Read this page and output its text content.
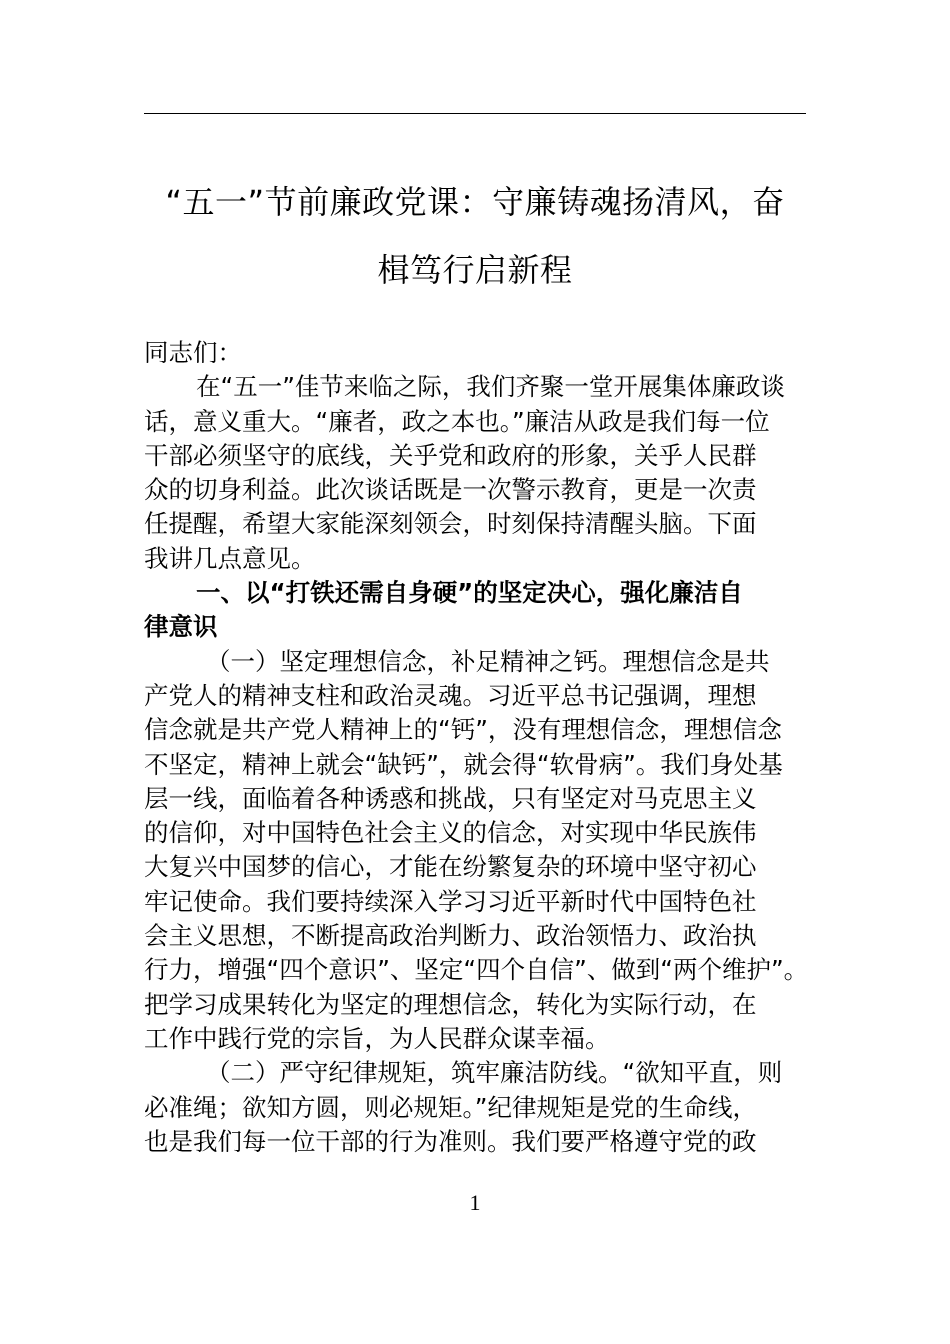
“五一”节前廉政党课：守廉铸魂扬清风，奋
楫笃行启新程

同志们：

在“五一”佳节来临之际，我们齐聚一堂开展集体廉政谈

话，意义重大。“廉者，政之本也。”廉洁从政是我们每一位

干部必须坚守的底线，关乎党和政府的形象，关乎人民群

众的切身利益。此次谈话既是一次警示教育，更是一次责

任提醒，希望大家能深刻领会，时刻保持清醒头脑。下面

我讲几点意见。

一、以“打铁还需自身硬”的坚定决心，强化廉洁自

律意识

（一）坚定理想信念，补足精神之钙。理想信念是共

产党人的精神支柱和政治灵魂。习近平总书记强调，理想

信念就是共产党人精神上的“钙”，没有理想信念，理想信念

不坚定，精神上就会“缺钙”，就会得“软骨病”。我们身处基

层一线，面临着各种诱惑和挑战，只有坚定对马克思主义

的信仰，对中国特色社会主义的信念，对实现中华民族伟

大复兴中国梦的信心，才能在纷繁复杂的环境中坚守初心

牢记使命。我们要持续深入学习习近平新时代中国特色社

会主义思想，不断提高政治判断力、政治领悟力、政治执

行力，增强“四个意识”、坚定“四个自信”、做到“两个维护”。

把学习成果转化为坚定的理想信念，转化为实际行动，在

工作中践行党的宗旨，为人民群众谋幸福。

（二）严守纪律规矩，筑牢廉洁防线。“欲知平直，则

必准绳；欲知方圆，则必规矩。”纪律规矩是党的生命线，

也是我们每一位干部的行为准则。我们要严格遵守党的政

1
